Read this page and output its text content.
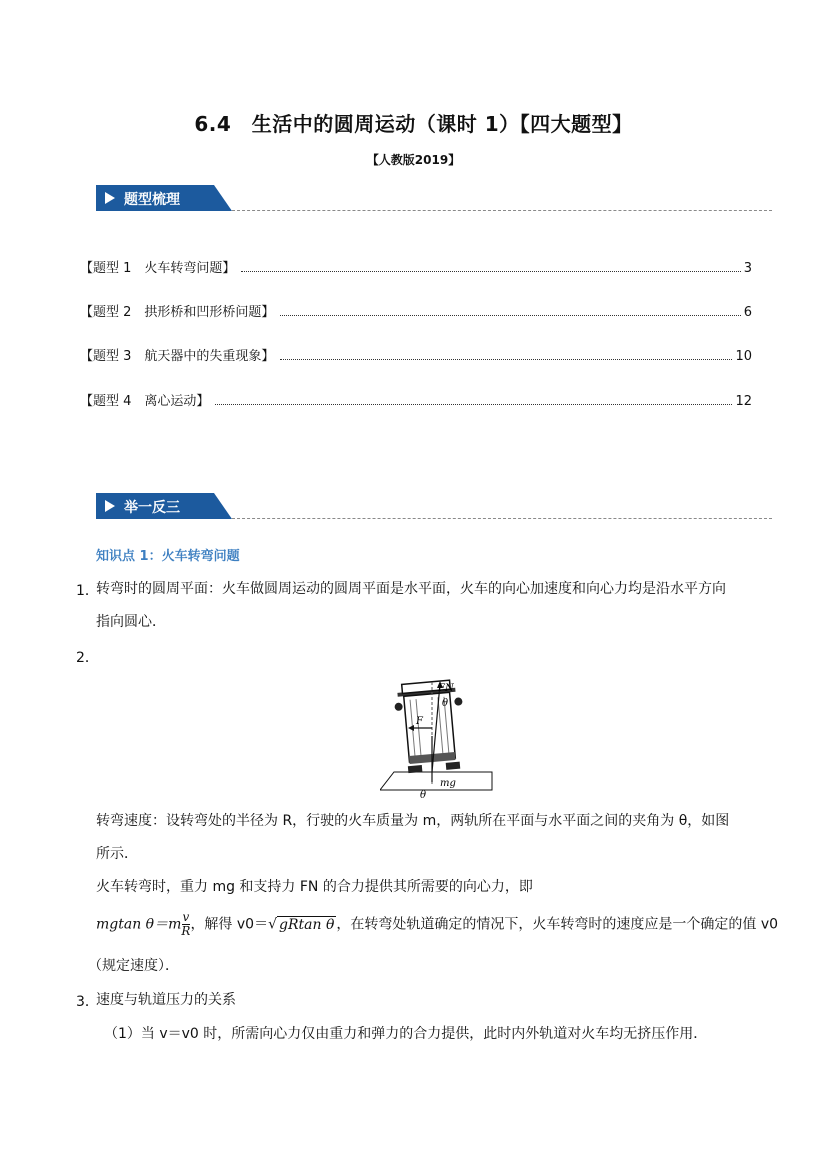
6.4　生活中的圆周运动（课时 1）【四大题型】
【人教版2019】
题型梳理
【题型 1　火车转弯问题】	3
【题型 2　拱形桥和凹形桥问题】	6
【题型 3　航天器中的失重现象】	10
【题型 4　离心运动】	12
举一反三
知识点 1：火车转弯问题
1．
转弯时的圆周平面：火车做圆周运动的圆周平面是水平面，火车的向心加速度和向心力均是沿水平方向
指向圆心．
2．
FN
θ
F
mg
θ
转弯速度：设转弯处的半径为 R，行驶的火车质量为 m，两轨所在平面与水平面之间的夹角为 θ，如图
所示．
火车转弯时，重力 mg 和支持力 FN 的合力提供其所需要的向心力，即
mgtan $\theta=m \frac{v}{R}$ ，解得 v0＝√ gRtan θ ，在转弯处轨道确定的情况下，火车转弯时的速度应是一个确定的值 v0
（规定速度）．
3．
速度与轨道压力的关系
（1）当 v＝v0 时，所需向心力仅由重力和弹力的合力提供，此时内外轨道对火车均无挤压作用．
